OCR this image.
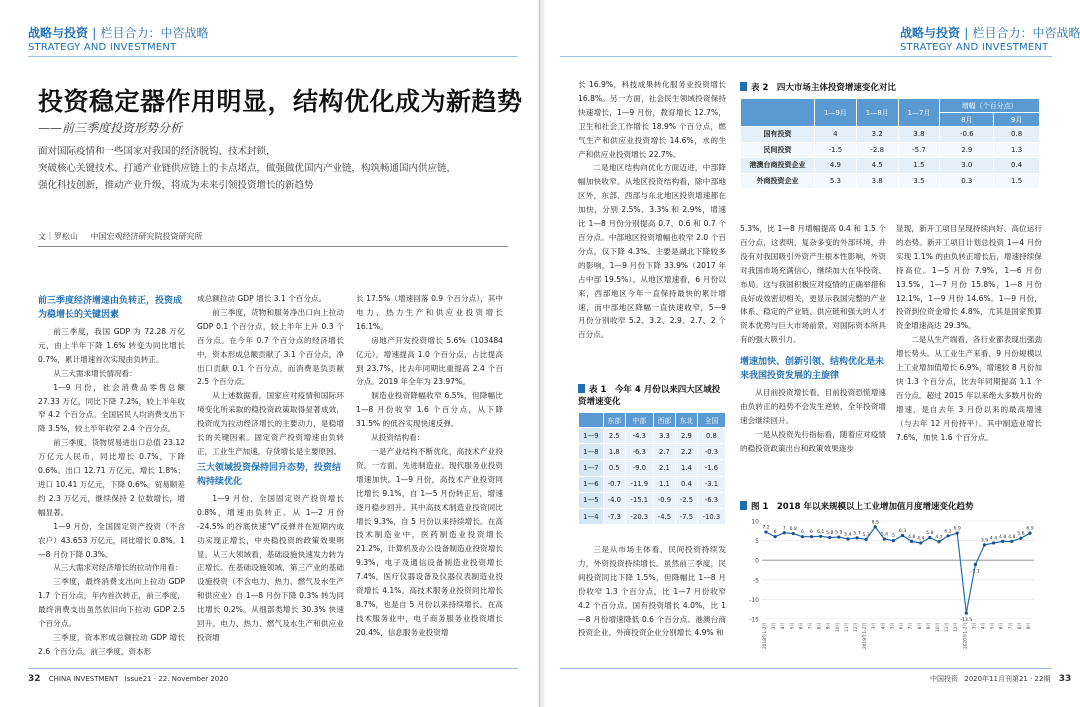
战略与投资 | 栏目合力：中咨战略
STRATEGY AND INVESTMENT
战略与投资 | 栏目合力：中咨战略
STRATEGY AND INVESTMENT
投资稳定器作用明显，结构优化成为新趋势
——前三季度投资形势分析

面对国际疫情和一些国家对我国的经济脱钩、技术封锁，

突破核心关键技术、打通产业链供应链上的卡点堵点，做强做优国内产业链，构筑畅通国内供应链，

强化科技创新，推动产业升级，将成为未来引领投资增长的新趋势

文｜罗松山 中国宏观经济研究院投资研究所
前三季度经济增速由负转正，投资成为稳增长的关键因素

前三季度，我国 GDP 为 72.28 万亿元，由上半年下降 1.6% 转变为同比增长 0.7%，累计增速首次实现由负转正。

从三大需求增长情况看：

1—9 月份，社会消费品零售总额 27.33 万亿，同比下降 7.2%，较上半年收窄 4.2 个百分点。全国居民人均消费支出下降 3.5%，较上半年收窄 2.4 个百分点。

前三季度，货物贸易进出口总值 23.12 万亿元人民币，同比增长 0.7%，下降 0.6%。出口 12.71 万亿元，增长 1.8%；进口 10.41 万亿元，下降 0.6%。贸易顺差约 2.3 万亿元，继续保持 2 位数增长，增幅显著。

1—9 月份，全国固定资产投资（不含农户）43.653 万亿元，同比增长 0.8%。1—8 月份下降 0.3%。

从三大需求对经济增长的拉动作用看：

三季度，最终消费支出向上拉动 GDP 1.7 个百分点，年内首次转正，前三季度，最终消费支出虽然依旧向下拉动 GDP 2.5 个百分点。

三季度，资本形成总额拉动 GDP 增长 2.6 个百分点。前三季度，资本形

成总额拉动 GDP 增长 3.1 个百分点。

前三季度，货物和服务净出口向上拉动 GDP 0.1 个百分点，较上半年上升 0.3 个百分点。在今年 0.7 个百分点的经济增长中，资本形成总额贡献了 3.1 个百分点，净出口贡献 0.1 个百分点，而消费是负贡献 2.5 个百分点。

从上述数据看，国家应对疫情和国际环境变化所采取的稳投资政策取得显著成效，投资成为拉动经济增长的主要动力，是稳增长的关键因素。固定资产投资增速由负转正，工业生产加速，存货增长是主要原因。

三大领域投资保持回升态势，投资结构持续优化

1—9 月份，全国固定资产投资增长 0.8%，增速由负转正。从 1—2 月份 -24.5% 的谷底快速“V”反弹并在短期内成功实现正增长，中央稳投资的政策效果明显。从三大领域看，基础设施快速发力转为正增长。在基础设施领域，第三产业的基础设施投资（不含电力、热力、燃气及水生产和供应业）自 1—8 月份下降 0.3% 转为同比增长 0.2%。从细部类增长 30.3% 快速回升。电力、热力、燃气及水生产和供应业投资增

长 17.5%（增速回落 0.9 个百分点），其中电力、热力生产和供应业投资增长 16.1%。

房地产开发投资增长 5.6%（103484 亿元），增速提高 1.0 个百分点，占比提高到 23.7%，比去年同期比重提高 2.4 个百分点。2019 年全年为 23.97%。

制造业投资降幅收窄 6.5%，但降幅比 1—8 月份收窄 1.6 个百分点，从下降 31.5% 的低谷实现快速反弹。

从投资结构看：

一是产业结构不断优化，高技术产业投资。一方面，先进制造业、现代服务业投资增速加快。1—9 月份，高技术产业投资同比增长 9.1%，自 1—5 月份转正后，增速逐月稳步回升。其中高技术制造业投资同比增长 9.3%，自 5 月份以来持续增长。在高技术制造业中，医药制造业投资增长 21.2%，计算机及办公设备制造业投资增长 9.3%，电子及通信设备制造业投资增长 7.4%，医疗仪器设备及仪器仪表制造业投资增长 4.1%。高技术服务业投资同比增长 8.7%，也是自 5 月份以来持续增长。在高技术服务业中，电子商务服务业投资增长 20.4%，信息服务业投资增

长 16.9%，科技成果转化服务业投资增长 16.8%。另一方面，社会民生领域投资保持快速增长，1—9 月份，教育增长 12.7%，卫生和社会工作增长 18.9% 个百分点，燃气生产和供应业投资增长 14.6%，水的生产和供应业投资增长 22.7%。

二是地区结构向优化方面迈进，中部降幅加快收窄。从地区投资结构看，除中部地区外，东部、西部与东北地区投资增速都在加快，分别 2.5%、3.3% 和 2.9%，增速比 1—8 月份分别提高 0.7、0.6 和 0.7 个百分点。中部地区投资增幅也收窄 2.0 个百分点，仅下降 4.3%。主要是湖北下降较多的影响，1—9 月份下降 33.9%（2017 年占中部 19.5%）。从地区增速看，6 月份以来，西部地区今年一直保持最快的累计增速，而中部地区降幅一直快速收窄，5—9 月份分别收窄 5.2、3.2、2.9、2.7、2 个百分点。

表 1　今年 4 月份以来四大区域投资增速变化
	东部	中部	西部	东北	全国
1—9	2.5	-4.3	3.3	2.9	0.8
1—8	1.8	-6.3	2.7	2.2	-0.3
1—7	0.5	-9.0	2.1	1.4	-1.6
1—6	-0.7	-11.9	1.1	0.4	-3.1
1—5	-4.0	-15.1	-0.9	-2.5	-6.3
1—4	-7.3	-20.3	-4.5	-7.5	-10.3

三是从市场主体看，民间投资持续发力，外资投资持续增长。虽然前三季度，民间投资同比下降 1.5%，但降幅比 1—8 月份收窄 1.3 个百分点，比 1—7 月份收窄 4.2 个百分点。国有投资增长 4.0%，比 1—8 月份增速降低 0.6 个百分点。港澳台商投资企业、外商投资企业分别增长 4.9% 和

表 2　四大市场主体投资增速变化对比
	1—9月	1—8月	1—7月	增幅（个百分点）	
				8月	9月
国有投资	4	3.2	3.8	-0.6	0.8
民间投资	-1.5	-2.8	-5.7	2.9	1.3
港澳台商投资企业	4.9	4.5	1.5	3.0	0.4
外商投资企业	5.3	3.8	3.5	0.3	1.5

5.3%，比 1—8 月增幅提高 0.4 和 1.5 个百分点，这表明，复杂多变的外部环境，并没有对我国吸引外资产生根本性影响，外资对我国市场充满信心，继续加大在华投资、布局。这与我国积极应对疫情的正确举措和良好成效密切相关，更显示我国完整的产业体系、稳定的产业链、供应链和强大的人才资本优势与巨大市场前景，对国际资本所具有的强大吸引力。

增速加快、创新引领、结构优化是未来我国投资发展的主旋律

从目前投资增长看，目前投资恐慌增速由负转正的趋势不会发生逆转，全年投资增速会继续回升。

一是从投资先行指标看，随着应对疫情的稳投资政策出台和政策效果逐步

显现，新开工项目呈现持续向好、高位运行的态势。新开工项目计划总投资 1—4 月份实现 1.1% 的由负转正增长后，增速持续保持高位。1—5 月份 7.9%，1—6 月份 13.5%，1—7 月份 15.8%，1—8 月份 12.1%，1—9 月份 14.6%。1—9 月份，投资到位资金增长 4.8%，尤其是国家预算资金增速高达 29.3%。

二是从生产端看，各行业都表现出强劲增长势头。从工业生产来看，9 月份规模以上工业增加值增长 6.9%，增速较 8 月份加快 1.3 个百分点，比去年同期提高 1.1 个百分点。超过 2015 年以来绝大多数月份的增速，是自去年 3 月份以来的最高增速（与去年 12 月份持平）。其中制造业增长 7.6%，加快 1.6 个百分点。

图 1　2018 年以来规模以上工业增加值月度增速变化趋势
10
5
0
-5
-10
-15
7.2
6
7 6.8
6 6 6.1 5.8 5.9 5.4 5.7 5.3
8.5
5.4 5
6.3
4.8 4.4
5.8
4.7
6.2
6.9
-13.5
-1.1
3.9 4.4 4.8 4.8
5.6
6.9
2018年1-2月 3月 4月 5月 6月 7月 8月 9月 10月 11月 12月 2019年1-2月 3月 4月 5月 6月 7月 8月 9月 10月 11月 12月 2020年1-2月 3月 4月 5月 6月 7月 8月 9月
32 CHINA INVESTMENT Issue21 · 22. November 2020	中国投资 2020年11月刊第21 · 22期 33
